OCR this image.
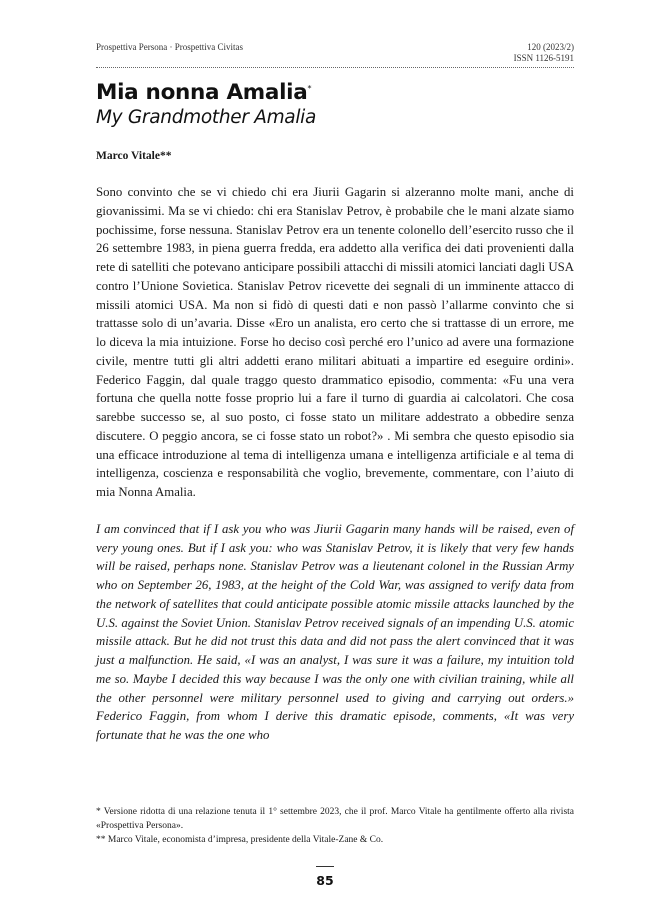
Prospettiva Persona · Prospettiva Civitas	120 (2023/2)
ISSN 1126-5191
Mia nonna Amalia*
My Grandmother Amalia
Marco Vitale**

Sono convinto che se vi chiedo chi era Jiurii Gagarin si alzeranno molte mani, anche di giovanissimi. Ma se vi chiedo: chi era Stanislav Petrov, è probabile che le mani alzate siamo pochissime, forse nessuna. Stanislav Petrov era un tenente colonello dell’esercito russo che il 26 settembre 1983, in piena guerra fredda, era addetto alla verifica dei dati provenienti dalla rete di satelliti che potevano anticipare possibili attacchi di missili atomici lanciati dagli USA contro l’Unione Sovietica. Stanislav Petrov ricevette dei segnali di un imminente attacco di missili atomici USA. Ma non si fidò di questi dati e non passò l’allarme convinto che si trattasse solo di un’avaria. Disse «Ero un analista, ero certo che si trattasse di un errore, me lo diceva la mia intuizione. Forse ho deciso così perché ero l’unico ad avere una formazione civile, mentre tutti gli altri addetti erano militari abituati a impartire ed eseguire ordini». Federico Faggin, dal quale traggo questo drammatico episodio, commenta: «Fu una vera fortuna che quella notte fosse proprio lui a fare il turno di guardia ai calcolatori. Che cosa sarebbe successo se, al suo posto, ci fosse stato un militare addestrato a obbedire senza discutere. O peggio ancora, se ci fosse stato un robot?» . Mi sembra che questo episodio sia una efficace introduzione al tema di intelligenza umana e intelligenza artificiale e al tema di intelligenza, coscienza e responsabilità che voglio, brevemente, commentare, con l’aiuto di mia Nonna Amalia.

I am convinced that if I ask you who was Jiurii Gagarin many hands will be raised, even of very young ones. But if I ask you: who was Stanislav Petrov, it is likely that very few hands will be raised, perhaps none. Stanislav Petrov was a lieutenant colonel in the Russian Army who on September 26, 1983, at the height of the Cold War, was assigned to verify data from the network of satellites that could anticipate possible atomic missile attacks launched by the U.S. against the Soviet Union. Stanislav Petrov received signals of an impending U.S. atomic missile attack. But he did not trust this data and did not pass the alert convinced that it was just a malfunction. He said, «I was an analyst, I was sure it was a failure, my intuition told me so. Maybe I decided this way because I was the only one with civilian training, while all the other personnel were military personnel used to giving and carrying out orders.» Federico Faggin, from whom I derive this dramatic episode, comments, «It was very fortunate that he was the one who

* Versione ridotta di una relazione tenuta il 1° settembre 2023, che il prof. Marco Vitale ha gentilmente offerto alla rivista «Prospettiva Persona».

** Marco Vitale, economista d’impresa, presidente della Vitale-Zane & Co.

85
